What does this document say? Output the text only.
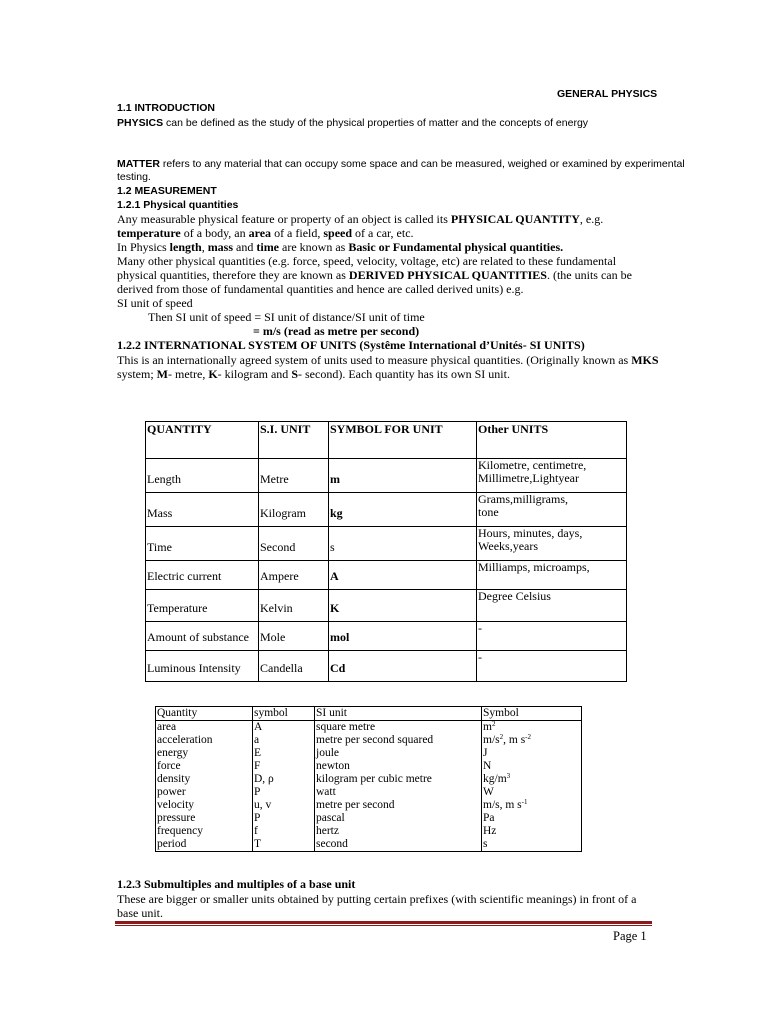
GENERAL PHYSICS
1.1 INTRODUCTION
PHYSICS can be defined as the study of the physical properties of matter and the concepts of energy
MATTER refers to any material that can occupy some space and can be measured, weighed or examined by experimental
testing.
1.2 MEASUREMENT
1.2.1 Physical quantities
Any measurable physical feature or property of an object is called its PHYSICAL QUANTITY, e.g.
temperature of a body, an area of a field, speed of a car, etc.
In Physics length, mass and time are known as Basic or Fundamental physical quantities.
Many other physical quantities (e.g. force, speed, velocity, voltage, etc) are related to these fundamental
physical quantities, therefore they are known as DERIVED PHYSICAL QUANTITIES. (the units can be
derived from those of fundamental quantities and hence are called derived units) e.g.
SI unit of speed
Then SI unit of speed = SI unit of distance/SI unit of time
= m/s (read as metre per second)
1.2.2 INTERNATIONAL SYSTEM OF UNITS (Systême International d’Unités- SI UNITS)
This is an internationally agreed system of units used to measure physical quantities. (Originally known as MKS
system; M- metre, K- kilogram and S- second). Each quantity has its own SI unit.
QUANTITY	S.I. UNIT	SYMBOL FOR UNIT	Other UNITS

Length	Metre	m	Kilometre, centimetre,
Millimetre,Lightyear

Mass	Kilogram	kg	Grams,milligrams,
tone

Time	Second	s	Hours, minutes, days,
Weeks,years

Electric current	Ampere	A	Milliamps, microamps,

Temperature	Kelvin	K	Degree Celsius

Amount of substance	Mole	mol	-

Luminous Intensity	Candella	Cd	-
Quantity	symbol	SI unit	Symbol
area	A	square metre	$m^2$
acceleration	a	metre per second squared	$m/s^2$, m $s^{-2}$
energy	E	joule	J
force	F	newton	N
density	D, ρ	kilogram per cubic metre	$kg/m^3$
power	P	watt	W
velocity	u, v	metre per second	m/s, m $s^{-1}$
pressure	P	pascal	Pa
frequency	f	hertz	Hz
period	T	second	s
1.2.3 Submultiples and multiples of a base unit
These are bigger or smaller units obtained by putting certain prefixes (with scientific meanings) in front of a
base unit.
Page 1
